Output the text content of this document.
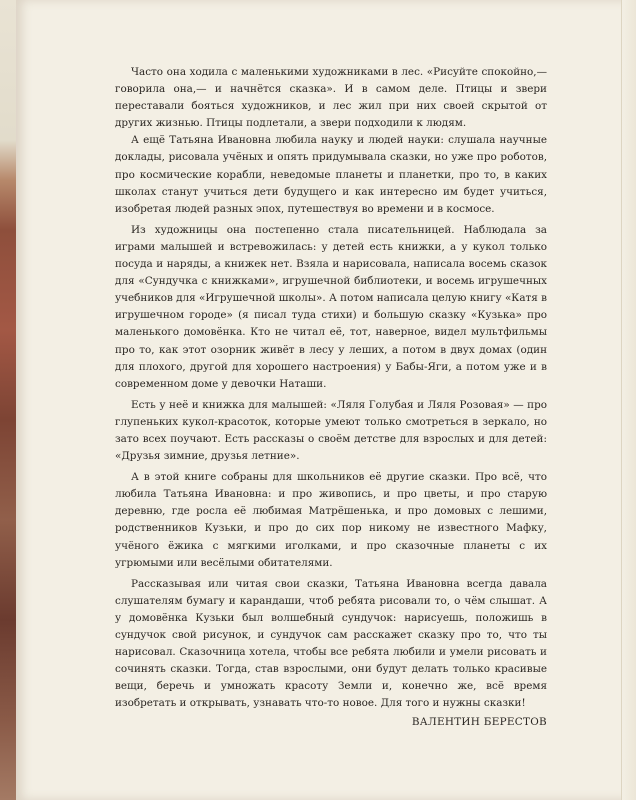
Часто она ходила с маленькими художниками в лес. «Рисуйте спокойно,— говорила она,— и начнётся сказка». И в самом деле. Птицы и звери переставали бояться художников, и лес жил при них своей скрытой от других жизнью. Птицы подлетали, а звери подходили к людям.

А ещё Татьяна Ивановна любила науку и людей науки: слушала научные доклады, рисовала учёных и опять придумывала сказки, но уже про роботов, про космические корабли, неведомые планеты и планетки, про то, в каких школах станут учиться дети будущего и как интересно им будет учиться, изобретая людей разных эпох, путешествуя во времени и в космосе.

Из художницы она постепенно стала писательницей. Наблюдала за играми малышей и встревожилась: у детей есть книжки, а у кукол только посуда и наряды, а книжек нет. Взяла и нарисовала, написала восемь сказок для «Сундучка с книжками», игрушечной библиотеки, и восемь игрушечных учебников для «Игрушечной школы». А потом написала целую книгу «Катя в игрушечном городе» (я писал туда стихи) и большую сказку «Кузька» про маленького домовёнка. Кто не читал её, тот, наверное, видел мультфильмы про то, как этот озорник живёт в лесу у леших, а потом в двух домах (один для плохого, другой для хорошего настроения) у Бабы-Яги, а потом уже и в современном доме у девочки Наташи.

Есть у неё и книжка для малышей: «Ляля Голубая и Ляля Розовая» — про глупеньких кукол-красоток, которые умеют только смотреться в зеркало, но зато всех поучают. Есть рассказы о своём детстве для взрослых и для детей: «Друзья зимние, друзья летние».

А в этой книге собраны для школьников её другие сказки. Про всё, что любила Татьяна Ивановна: и про живопись, и про цветы, и про старую деревню, где росла её любимая Матрёшенька, и про домовых с лешими, родственников Кузьки, и про до сих пор никому не известного Мафку, учёного ёжика с мягкими иголками, и про сказочные планеты с их угрюмыми или весёлыми обитателями.

Рассказывая или читая свои сказки, Татьяна Ивановна всегда давала слушателям бумагу и карандаши, чтоб ребята рисовали то, о чём слышат. А у домовёнка Кузьки был волшебный сундучок: нарисуешь, положишь в сундучок свой рисунок, и сундучок сам расскажет сказку про то, что ты нарисовал. Сказочница хотела, чтобы все ребята любили и умели рисовать и сочинять сказки. Тогда, став взрослыми, они будут делать только красивые вещи, беречь и умножать красоту Земли и, конечно же, всё время изобретать и открывать, узнавать что-то новое. Для того и нужны сказки!

ВАЛЕНТИН БЕРЕСТОВ
